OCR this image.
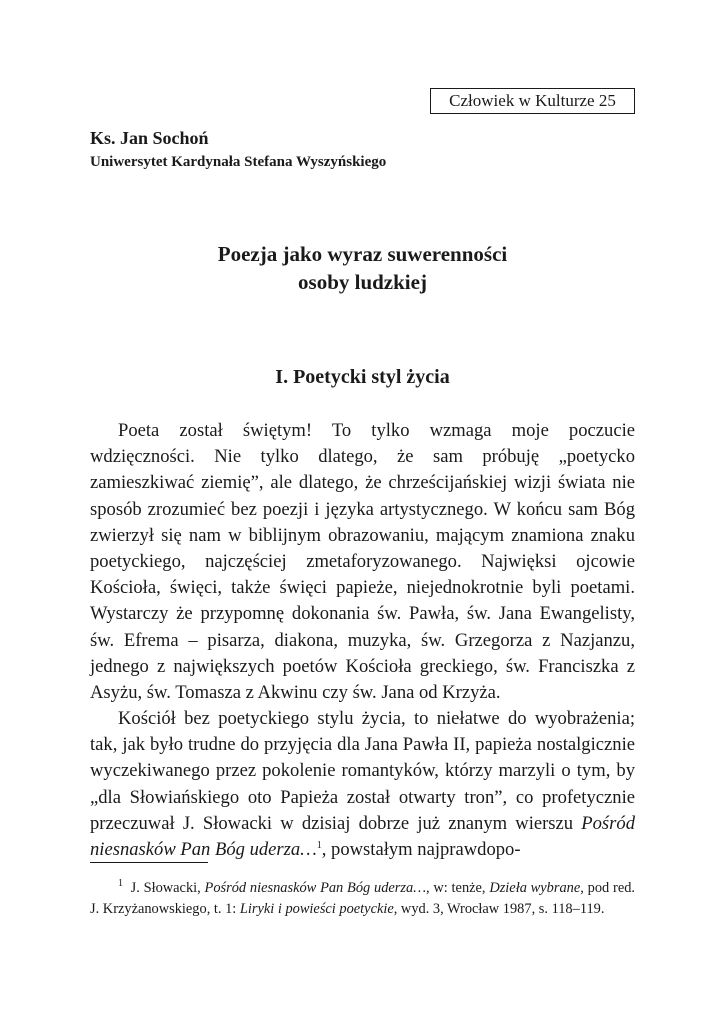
Człowiek w Kulturze 25
Ks. Jan Sochoń
Uniwersytet Kardynała Stefana Wyszyńskiego
Poezja jako wyraz suwerenności
osoby ludzkiej
I. Poetycki styl życia
Poeta został świętym! To tylko wzmaga moje poczucie wdzięczności. Nie tylko dlatego, że sam próbuję „poetycko zamieszkiwać ziemię”, ale dlatego, że chrześcijańskiej wizji świata nie sposób zrozumieć bez poezji i języka artystycznego. W końcu sam Bóg zwierzył się nam w biblijnym obrazowaniu, mającym znamiona znaku poetyckiego, najczęściej zmetaforyzowanego. Najwięksi ojcowie Kościoła, święci, także święci papieże, niejednokrotnie byli poetami. Wystarczy że przypomnę dokonania św. Pawła, św. Jana Ewangelisty, św. Efrema – pisarza, diakona, muzyka, św. Grzegorza z Nazjanzu, jednego z największych poetów Kościoła greckiego, św. Franciszka z Asyżu, św. Tomasza z Akwinu czy św. Jana od Krzyża.
Kościół bez poetyckiego stylu życia, to niełatwe do wyobrażenia; tak, jak było trudne do przyjęcia dla Jana Pawła II, papieża nostalgicznie wyczekiwanego przez pokolenie romantyków, którzy marzyli o tym, by „dla Słowiańskiego oto Papieża został otwarty tron”, co profetycznie przeczuwał J. Słowacki w dzisiaj dobrze już znanym wierszu Pośród niesnasków Pan Bóg uderza…$^1$, powstałym najprawdopo-
$^1$ J. Słowacki, Pośród niesnasków Pan Bóg uderza…, w: tenże, Dzieła wybrane, pod red. J. Krzyżanowskiego, t. 1: Liryki i powieści poetyckie, wyd. 3, Wrocław 1987, s. 118–119.
